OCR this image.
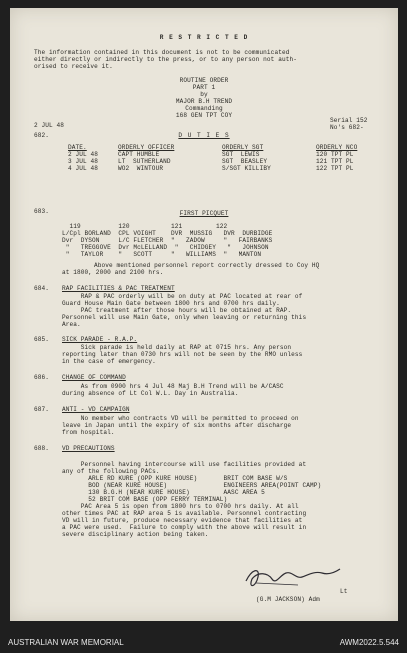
R E S T R I C T E D
The information contained in this document is not to be communicated
either directly or indirectly to the press, or to any person not auth-
orised to receive it.
ROUTINE ORDER
PART 1
by
MAJOR B.H TREND
Commanding
168 GEN TPT COY
2 JUL 48
Serial 152
No's 682-
682.	D U T I E S
DATE.	ORDERLY OFFICER	ORDERLY SGT	ORDERLY NCO
2 JUL 48	CAPT HUMBLE	SGT  LEWIS	120 TPT PL
3 JUL 48	LT  SUTHERLAND	SGT  BEASLEY	121 TPT PL
4 JUL 48	WO2  WINTOUR	S/SGT KILLIBY	122 TPT PL
683.	FIRST PICQUET
119          120           121         122
L/Cpl BORLAND  CPL VOIGHT    DVR  MUSSIG   DVR  DURBIDGE
Dvr  DYSON     L/C FLETCHER  "   ZADOW     "   FAIRBANKS
"   TREGGOVE  Dvr McLELLAND  "   CHIDGEY   "   JOHNSON
"   TAYLOR    "   SCOTT     "   WILLIAMS  "   MANTON
Above mentioned personnel report correctly dressed to Coy HQ
at 1800, 2000 and 2100 hrs.
684. RAP FACILITIES & PAC TREATMENT
RAP & PAC orderly will be on duty at PAC located at rear of
Guard House Main Gate between 1800 hrs and 0700 hrs daily.
PAC treatment after those hours will be obtained at RAP.
Personnel will use Main Gate, only when leaving or returning this
Area.
685. SICK PARADE - R.A.P.
Sick parade is held daily at RAP at 0715 hrs. Any person
reporting later than 0730 hrs will not be seen by the RMO unless
in the case of emergency.
686. CHANGE OF COMMAND
As from 0900 hrs 4 Jul 48 Maj B.H Trend will be A/CASC
during absence of Lt Col W.L. Day in Australia.
687. ANTI - VD CAMPAIGN
No member who contracts VD will be permitted to proceed on
leave in Japan until the expiry of six months after discharge
from hospital.
688. VD PRECAUTIONS
Personnel having intercourse will use facilities provided at
any of the following PACs.
ARLE RD KURE (OPP KURE HOUSE)       BRIT COM BASE W/S
BOD (NEAR KURE HOUSE)               ENGINEERS AREA(POINT CAMP)
130 B.G.H (NEAR KURE HOUSE)         AASC AREA 5
52 BRIT COM BASE (OPP FERRY TERMINAL)
PAC Area 5 is open from 1800 hrs to 0700 hrs daily. At all
other times PAC at RAP area 5 is available. Personnel contracting
VD will in future, produce necessary evidence that facilities at
a PAC were used.  Failure to comply with the above will result in
severe disciplinary action being taken.
Lt
(G.M JACKSON) Adm
AUSTRALIAN WAR MEMORIAL	AWM2022.5.544
